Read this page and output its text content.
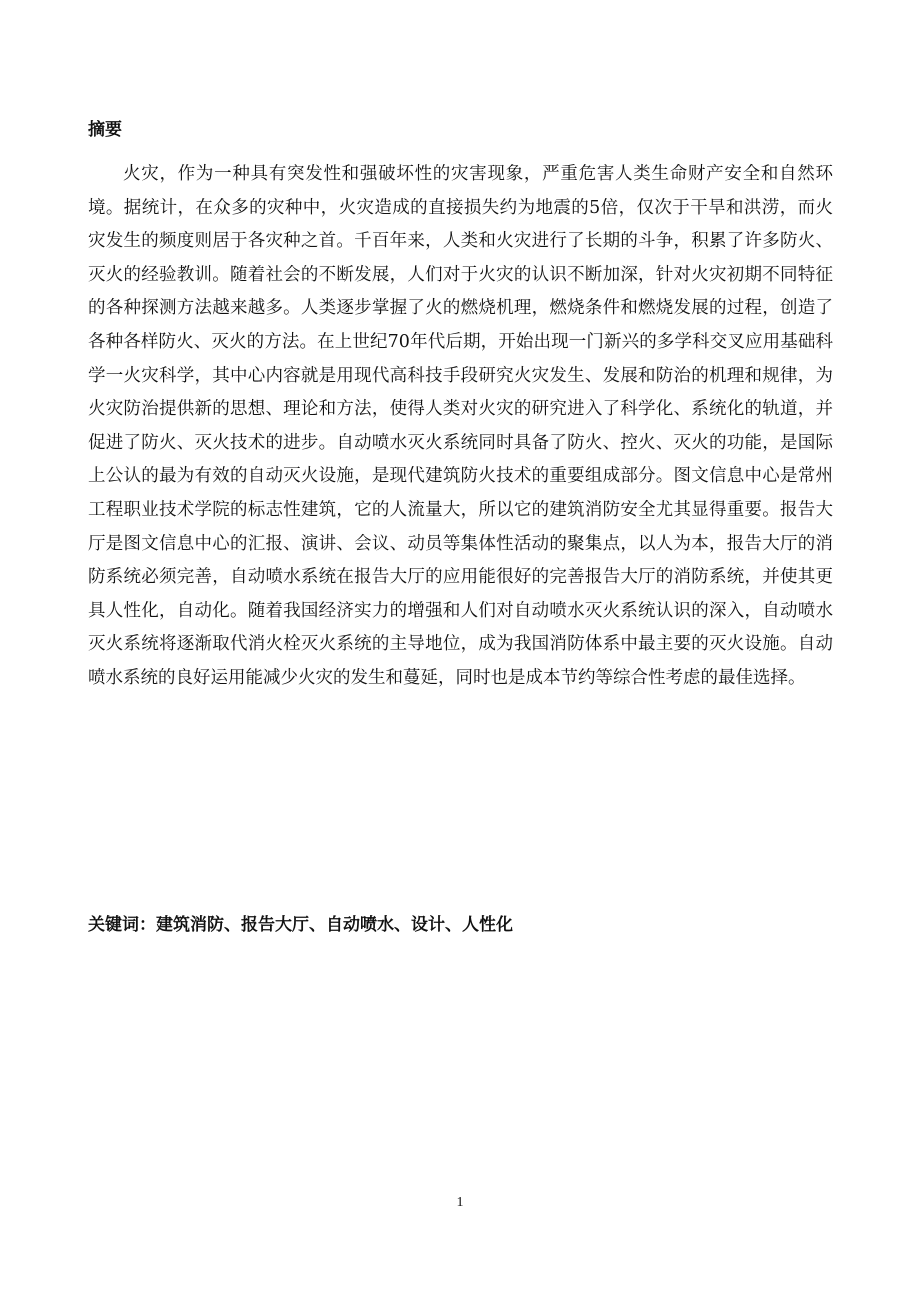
摘要

火灾，作为一种具有突发性和强破坏性的灾害现象，严重危害人类生命财产安全和自然环境。据统计，在众多的灾种中，火灾造成的直接损失约为地震的5倍，仅次于干旱和洪涝，而火灾发生的频度则居于各灾种之首。千百年来，人类和火灾进行了长期的斗争，积累了许多防火、灭火的经验教训。随着社会的不断发展，人们对于火灾的认识不断加深，针对火灾初期不同特征的各种探测方法越来越多。人类逐步掌握了火的燃烧机理，燃烧条件和燃烧发展的过程，创造了各种各样防火、灭火的方法。在上世纪70年代后期，开始出现一门新兴的多学科交叉应用基础科学一火灾科学，其中心内容就是用现代高科技手段研究火灾发生、发展和防治的机理和规律，为火灾防治提供新的思想、理论和方法，使得人类对火灾的研究进入了科学化、系统化的轨道，并促进了防火、灭火技术的进步。自动喷水灭火系统同时具备了防火、控火、灭火的功能，是国际上公认的最为有效的自动灭火设施，是现代建筑防火技术的重要组成部分。图文信息中心是常州工程职业技术学院的标志性建筑，它的人流量大，所以它的建筑消防安全尤其显得重要。报告大厅是图文信息中心的汇报、演讲、会议、动员等集体性活动的聚集点，以人为本，报告大厅的消防系统必须完善，自动喷水系统在报告大厅的应用能很好的完善报告大厅的消防系统，并使其更具人性化，自动化。随着我国经济实力的增强和人们对自动喷水灭火系统认识的深入，自动喷水灭火系统将逐渐取代消火栓灭火系统的主导地位，成为我国消防体系中最主要的灭火设施。自动喷水系统的良好运用能减少火灾的发生和蔓延，同时也是成本节约等综合性考虑的最佳选择。

关键词：建筑消防、报告大厅、自动喷水、设计、人性化
1
